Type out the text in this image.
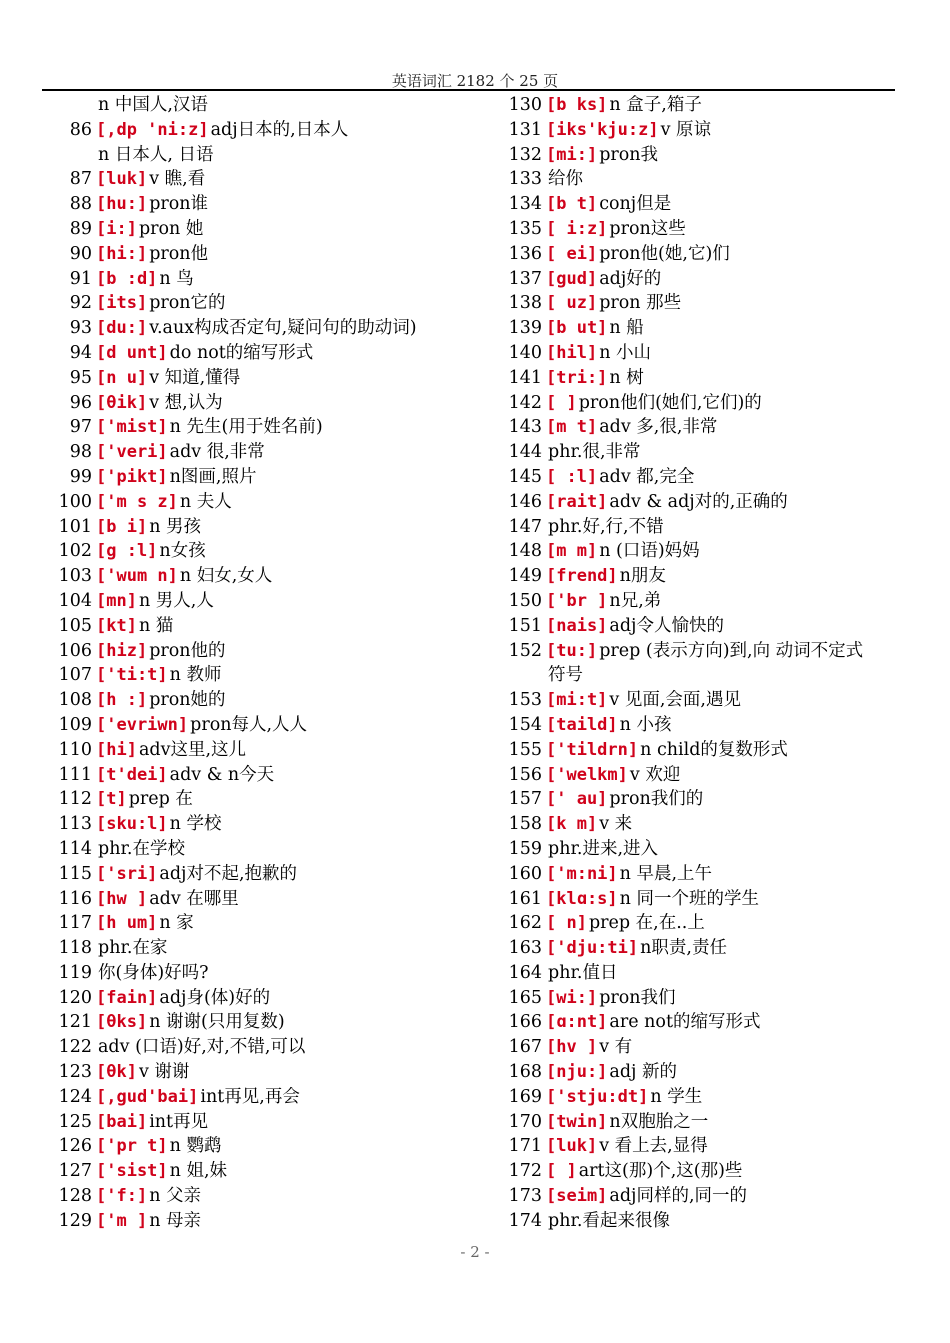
英语词汇 2182 个 25 页
n 中国人,汉语
86 [,dp 'ni:z] adj日本的,日本人
n 日本人, 日语
87 [luk] v 瞧,看
88 [hu:] pron谁
89 [i:] pron 她
90 [hi:] pron他
91 [b :d] n 鸟
92 [its] pron它的
93 [du:] v.aux构成否定句,疑问句的助动词)
94 [d unt] do not的缩写形式
95 [n u] v 知道,懂得
96 [θik] v 想,认为
97 ['mist] n 先生(用于姓名前)
98 ['veri] adv 很,非常
99 ['pikt] n图画,照片
100 ['m s z] n 夫人
101 [b i] n 男孩
102 [g :l] n女孩
103 ['wum n] n 妇女,女人
104 [mn] n 男人,人
105 [kt] n 猫
106 [hiz] pron他的
107 ['ti:t] n 教师
108 [h :] pron她的
109 ['evriwn] pron每人,人人
110 [hi] adv这里,这儿
111 [t'dei] adv & n今天
112 [t] prep 在
113 [sku:l] n 学校
114 phr.在学校
115 ['sri] adj对不起,抱歉的
116 [hw ] adv 在哪里
117 [h um] n 家
118 phr.在家
119 你(身体)好吗?
120 [fain] adj身(体)好的
121 [θks] n 谢谢(只用复数)
122 adv (口语)好,对,不错,可以
123 [θk] v 谢谢
124 [,gud'bai] int再见,再会
125 [bai] int再见
126 ['pr t] n 鹦鹉
127 ['sist] n 姐,妹
128 ['f:] n 父亲
129 ['m ] n 母亲
130 [b ks] n 盒子,箱子
131 [iks'kju:z] v 原谅
132 [mi:] pron我
133 给你
134 [b t] conj但是
135 [ i:z] pron这些
136 [ ei] pron他(她,它)们
137 [gud] adj好的
138 [ uz] pron 那些
139 [b ut] n 船
140 [hil] n 小山
141 [tri:] n 树
142 [ ] pron他们(她们,它们)的
143 [m t] adv 多,很,非常
144 phr.很,非常
145 [ :l] adv 都,完全
146 [rait] adv & adj对的,正确的
147 phr.好,行,不错
148 [m m] n (口语)妈妈
149 [frend] n朋友
150 ['br ] n兄,弟
151 [nais] adj令人愉快的
152 [tu:] prep (表示方向)到,向 动词不定式
符号
153 [mi:t] v 见面,会面,遇见
154 [taild] n 小孩
155 ['tildrn] n child的复数形式
156 ['welkm] v 欢迎
157 [' au] pron我们的
158 [k m] v 来
159 phr.进来,进入
160 ['m:ni] n 早晨,上午
161 [klɑ:s] n 同一个班的学生
162 [ n] prep 在,在..上
163 ['dju:ti] n职责,责任
164 phr.值日
165 [wi:] pron我们
166 [ɑ:nt] are not的缩写形式
167 [hv ] v 有
168 [nju:] adj 新的
169 ['stju:dt] n 学生
170 [twin] n双胞胎之一
171 [luk] v 看上去,显得
172 [ ] art这(那)个,这(那)些
173 [seim] adj同样的,同一的
174 phr.看起来很像
- 2 -
